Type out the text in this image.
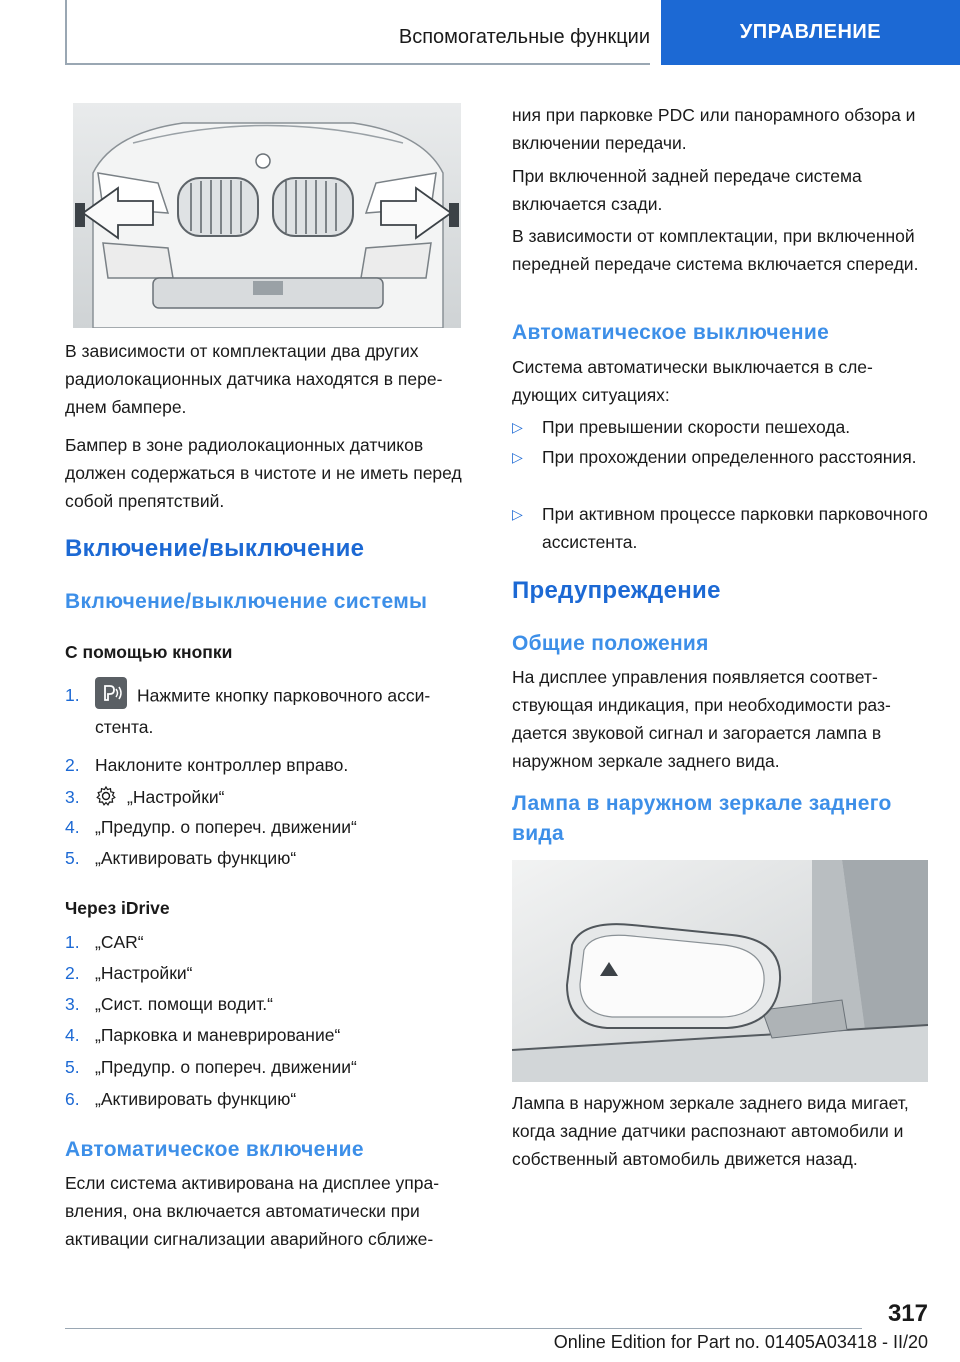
Вспомогательные функции	УПРАВЛЕНИЕ

В зависимости от комплектации два других радиолокационных датчика находятся в переднем бампере.

Бампер в зоне радиолокационных датчиков должен содержаться в чистоте и не иметь перед собой препятствий.

Включение/выключение
Включение/выключение системы
С помощью кнопки
1.	Нажмите кнопку парковочного ассистента.
2. Наклоните контроллер вправо.
3.	„Настройки“
4. „Предупр. о попереч. движении“
5. „Активировать функцию“
Через iDrive
1. „CAR“
2. „Настройки“
3. „Сист. помощи водит.“
4. „Парковка и маневрирование“
5. „Предупр. о попереч. движении“
6. „Активировать функцию“
Автоматическое включение

Если система активирована на дисплее управления, она включается автоматически при активации сигнализации аварийного сближе-

ния при парковке PDC или панорамного обзора и включении передачи.

При включенной задней передаче система включается сзади.

В зависимости от комплектации, при включенной передней передаче система включается спереди.

Автоматическое выключение

Система автоматически выключается в следующих ситуациях:

▷ При превышении скорости пешехода.
▷ При прохождении определенного расстояния.
▷ При активном процессе парковки парковочного ассистента.
Предупреждение
Общие положения

На дисплее управления появляется соответствующая индикация, при необходимости раздается звуковой сигнал и загорается лампа в наружном зеркале заднего вида.

Лампа в наружном зеркале заднего вида

Лампа в наружном зеркале заднего вида мигает, когда задние датчики распознают автомобили и собственный автомобиль движется назад.

317
Online Edition for Part no. 01405A03418 - II/20
